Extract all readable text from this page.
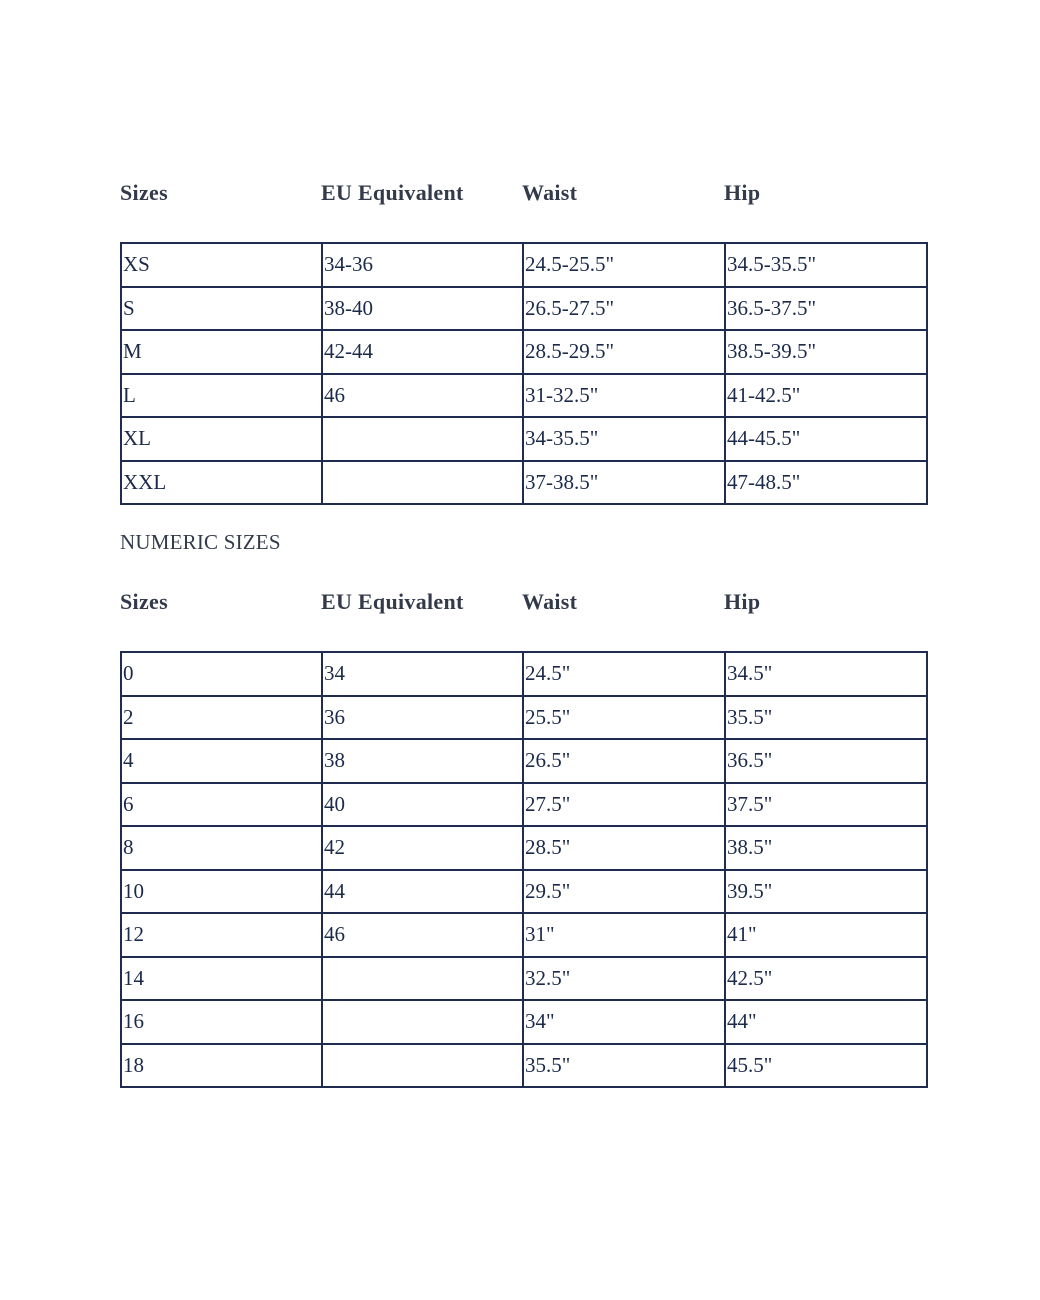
Sizes	EU Equivalent	Waist	Hip
XS	34-36	24.5-25.5"	34.5-35.5"
S	38-40	26.5-27.5"	36.5-37.5"
M	42-44	28.5-29.5"	38.5-39.5"
L	46	31-32.5"	41-42.5"
XL		34-35.5"	44-45.5"
XXL		37-38.5"	47-48.5"
NUMERIC SIZES
Sizes	EU Equivalent	Waist	Hip
0	34	24.5"	34.5"
2	36	25.5"	35.5"
4	38	26.5"	36.5"
6	40	27.5"	37.5"
8	42	28.5"	38.5"
10	44	29.5"	39.5"
12	46	31"	41"
14		32.5"	42.5"
16		34"	44"
18		35.5"	45.5"
